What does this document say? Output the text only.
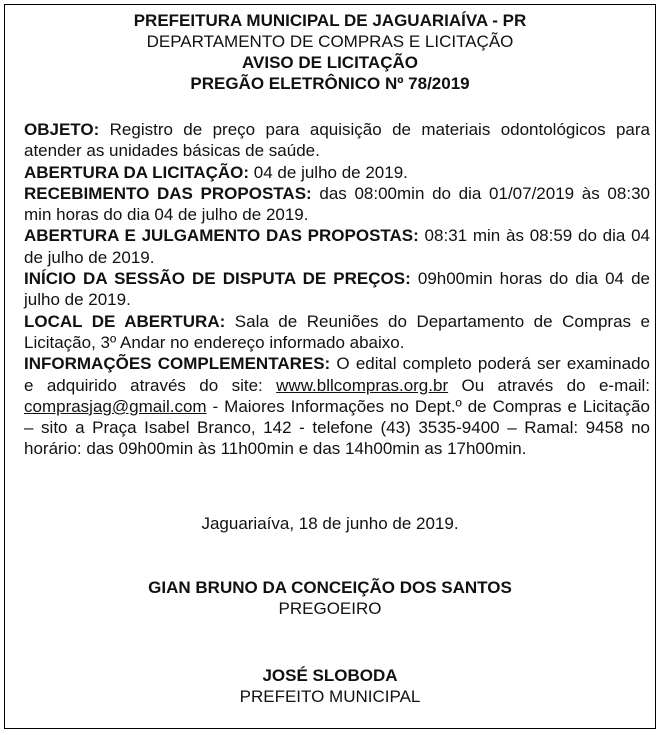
PREFEITURA MUNICIPAL DE JAGUARIAÍVA - PR
DEPARTAMENTO DE COMPRAS E LICITAÇÃO
AVISO DE LICITAÇÃO
PREGÃO ELETRÔNICO Nº 78/2019

OBJETO: Registro de preço para aquisição de materiais odontológicos para atender as unidades básicas de saúde.

ABERTURA DA LICITAÇÃO: 04 de julho de 2019.

RECEBIMENTO DAS PROPOSTAS: das 08:00min do dia 01/07/2019 às 08:30 min horas do dia 04 de julho de 2019.

ABERTURA E JULGAMENTO DAS PROPOSTAS: 08:31 min às 08:59 do dia 04 de julho de 2019.

INÍCIO DA SESSÃO DE DISPUTA DE PREÇOS: 09h00min horas do dia 04 de julho de 2019.

LOCAL DE ABERTURA: Sala de Reuniões do Departamento de Compras e Licitação, 3º Andar no endereço informado abaixo.

INFORMAÇÕES COMPLEMENTARES: O edital completo poderá ser examinado e adquirido através do site: www.bllcompras.org.br Ou através do e-mail: comprasjag@gmail.com - Maiores Informações no Dept.º de Compras e Licitação – sito a Praça Isabel Branco, 142 - telefone (43) 3535-9400 – Ramal: 9458 no horário: das 09h00min às 11h00min e das 14h00min as 17h00min.

Jaguariaíva, 18 de junho de 2019.
GIAN BRUNO DA CONCEIÇÃO DOS SANTOS
PREGOEIRO
JOSÉ SLOBODA
PREFEITO MUNICIPAL
